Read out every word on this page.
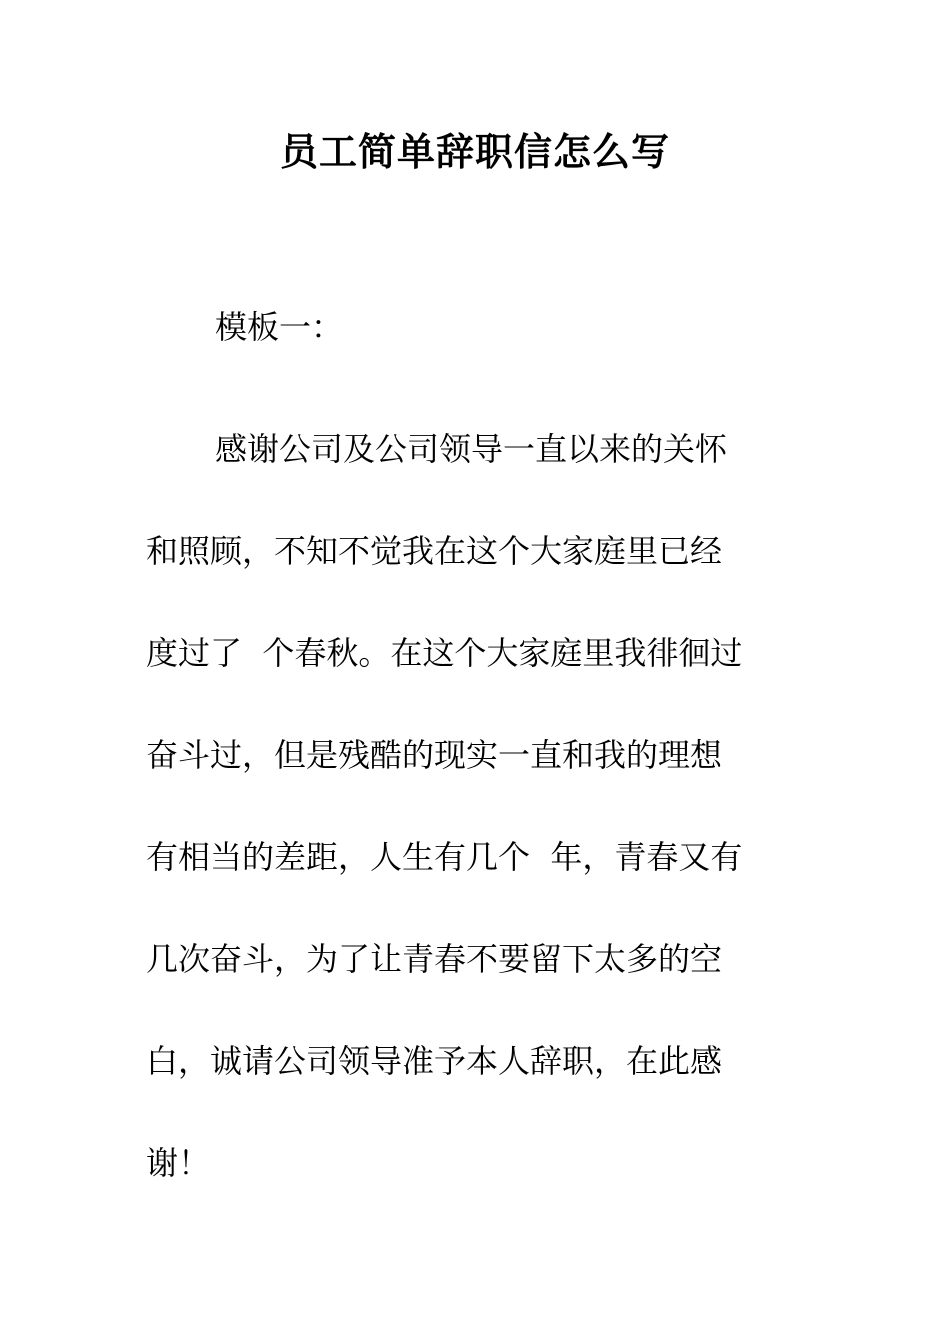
员工简单辞职信怎么写
模板一：
感谢公司及公司领导一直以来的关怀
和照顾，不知不觉我在这个大家庭里已经
度过了  个春秋。在这个大家庭里我徘徊过
奋斗过，但是残酷的现实一直和我的理想
有相当的差距，人生有几个  年，青春又有
几次奋斗，为了让青春不要留下太多的空
白，诚请公司领导准予本人辞职，在此感
谢！
